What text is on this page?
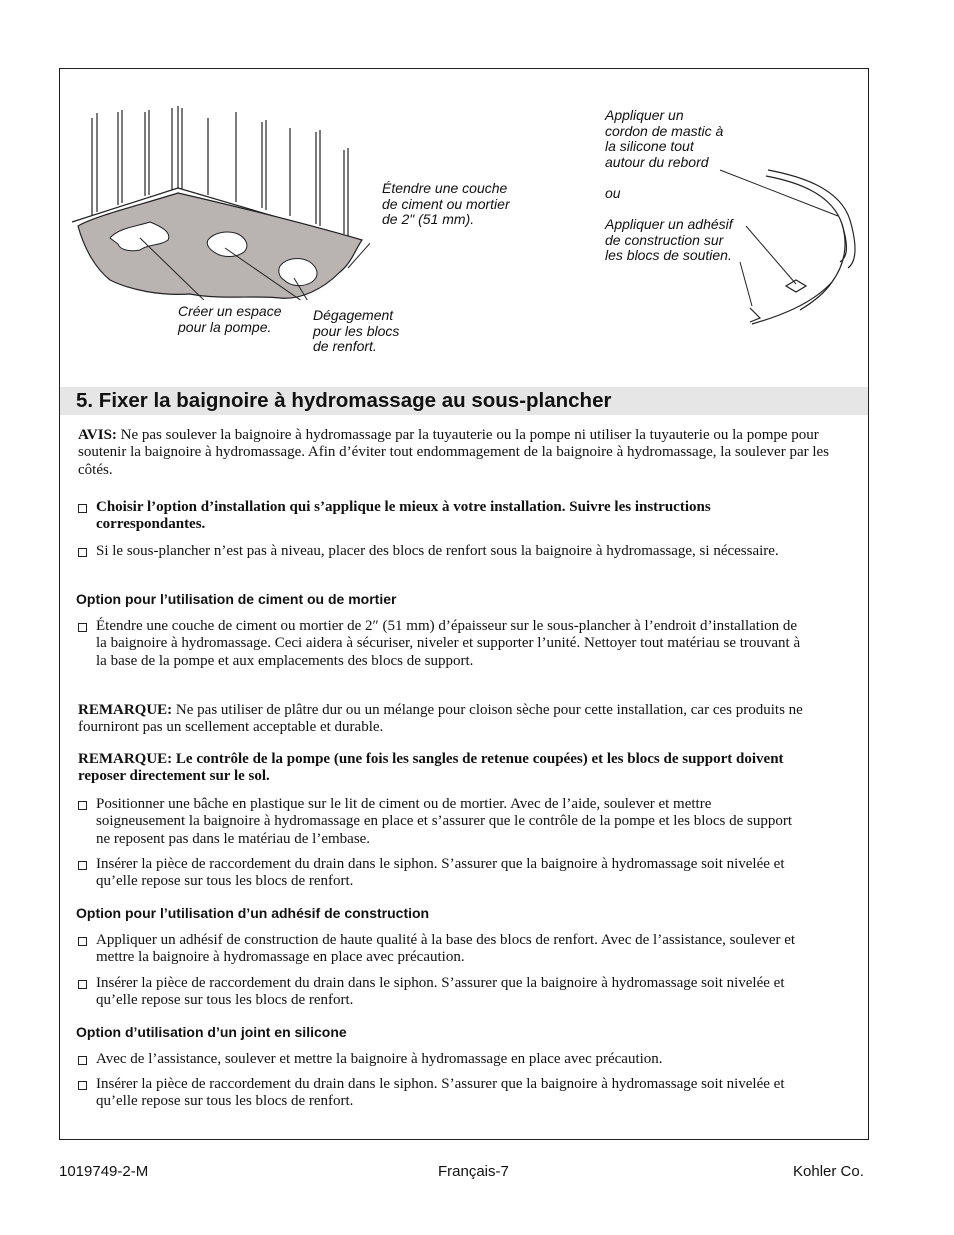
Étendre une couche
de ciment ou mortier
de 2" (51 mm).
Créer un espace
pour la pompe.
Dégagement
pour les blocs
de renfort.
Appliquer un
cordon de mastic à
la silicone tout
autour du rebord
ou
Appliquer un adhésif
de construction sur
les blocs de soutien.
5. Fixer la baignoire à hydromassage au sous-plancher

AVIS: Ne pas soulever la baignoire à hydromassage par la tuyauterie ou la pompe ni utiliser la tuyauterie ou la pompe pour soutenir la baignoire à hydromassage. Afin d’éviter tout endommagement de la baignoire à hydromassage, la soulever par les côtés.

Choisir l’option d’installation qui s’applique le mieux à votre installation. Suivre les instructions correspondantes.
Si le sous-plancher n’est pas à niveau, placer des blocs de renfort sous la baignoire à hydromassage, si nécessaire.
Option pour l’utilisation de ciment ou de mortier
Étendre une couche de ciment ou mortier de 2″ (51 mm) d’épaisseur sur le sous-plancher à l’endroit d’installation de la baignoire à hydromassage. Ceci aidera à sécuriser, niveler et supporter l’unité. Nettoyer tout matériau se trouvant à la base de la pompe et aux emplacements des blocs de support.

REMARQUE: Ne pas utiliser de plâtre dur ou un mélange pour cloison sèche pour cette installation, car ces produits ne fourniront pas un scellement acceptable et durable.

REMARQUE: Le contrôle de la pompe (une fois les sangles de retenue coupées) et les blocs de support doivent reposer directement sur le sol.

Positionner une bâche en plastique sur le lit de ciment ou de mortier. Avec de l’aide, soulever et mettre soigneusement la baignoire à hydromassage en place et s’assurer que le contrôle de la pompe et les blocs de support ne reposent pas dans le matériau de l’embase.
Insérer la pièce de raccordement du drain dans le siphon. S’assurer que la baignoire à hydromassage soit nivelée et qu’elle repose sur tous les blocs de renfort.
Option pour l’utilisation d’un adhésif de construction
Appliquer un adhésif de construction de haute qualité à la base des blocs de renfort. Avec de l’assistance, soulever et mettre la baignoire à hydromassage en place avec précaution.
Insérer la pièce de raccordement du drain dans le siphon. S’assurer que la baignoire à hydromassage soit nivelée et qu’elle repose sur tous les blocs de renfort.
Option d’utilisation d’un joint en silicone
Avec de l’assistance, soulever et mettre la baignoire à hydromassage en place avec précaution.
Insérer la pièce de raccordement du drain dans le siphon. S’assurer que la baignoire à hydromassage soit nivelée et qu’elle repose sur tous les blocs de renfort.
1019749-2-M	Français-7	Kohler Co.
